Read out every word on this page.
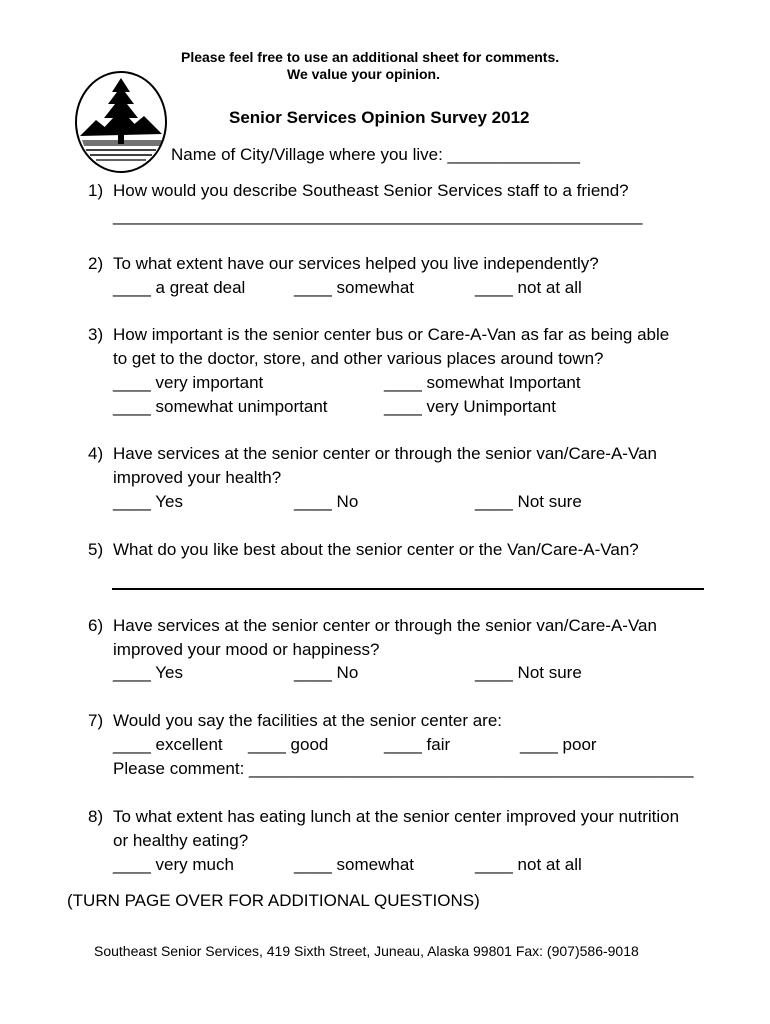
Please feel free to use an additional sheet for comments.
We value your opinion.
Senior Services Opinion Survey 2012
Name of City/Village where you live: ______________
1) How would you describe Southeast Senior Services staff to a friend?
________________________________________________________
2) To what extent have our services helped you live independently?
____ a great deal	____ somewhat	____ not at all
3) How important is the senior center bus or Care-A-Van as far as being able
to get to the doctor, store, and other various places around town?
____ very important	____ somewhat Important
____ somewhat unimportant	____ very Unimportant
4) Have services at the senior center or through the senior van/Care-A-Van
improved your health?
____ Yes	____ No	____ Not sure
5) What do you like best about the senior center or the Van/Care-A-Van?
6) Have services at the senior center or through the senior van/Care-A-Van
improved your mood or happiness?
____ Yes	____ No	____ Not sure
7) Would you say the facilities at the senior center are:
____ excellent ____ good	____ fair	____ poor
Please comment: _______________________________________________
8) To what extent has eating lunch at the senior center improved your nutrition
or healthy eating?
____ very much	____ somewhat	____ not at all
(TURN PAGE OVER FOR ADDITIONAL QUESTIONS)
Southeast Senior Services, 419 Sixth Street, Juneau, Alaska 99801 Fax: (907)586-9018
